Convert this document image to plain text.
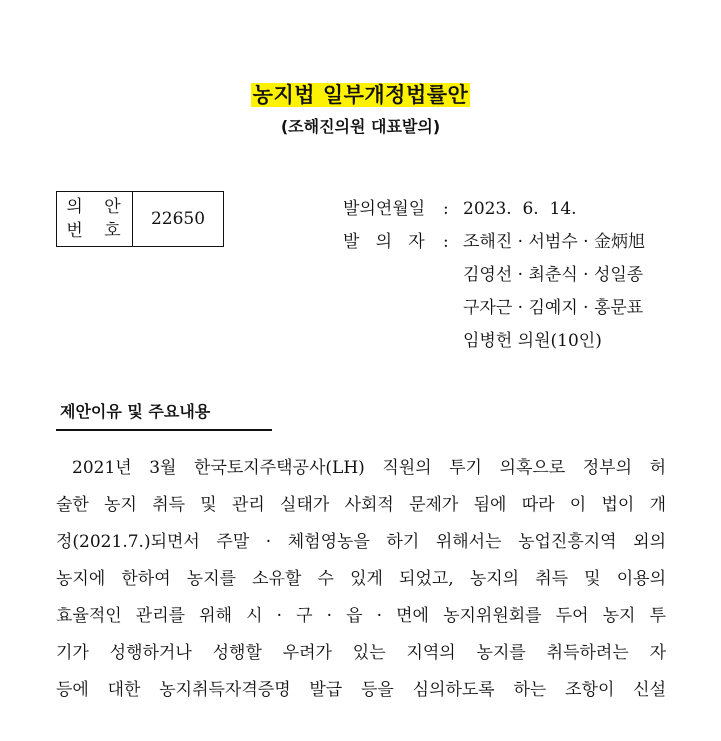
농지법 일부개정법률안
(조해진의원 대표발의)
의 안
번 호
22650	발의연월일	: 2023.  6.  14.
발   의   자	: 조해진 · 서범수 · 金炳旭
김영선 · 최춘식 · 성일종
구자근 · 김예지 · 홍문표
임병헌 의원(10인)
제안이유 및 주요내용
2021년 3월 한국토지주택공사(LH) 직원의 투기 의혹으로 정부의 허
술한 농지 취득 및 관리 실태가 사회적 문제가 됨에 따라 이 법이 개
정(2021.7.)되면서 주말 · 체험영농을 하기 위해서는 농업진흥지역 외의
농지에 한하여 농지를 소유할 수 있게 되었고, 농지의 취득 및 이용의
효율적인 관리를 위해 시 · 구 · 읍 · 면에 농지위원회를 두어 농지 투
기가 성행하거나 성행할 우려가 있는 지역의 농지를 취득하려는 자
등에 대한 농지취득자격증명 발급 등을 심의하도록 하는 조항이 신설
